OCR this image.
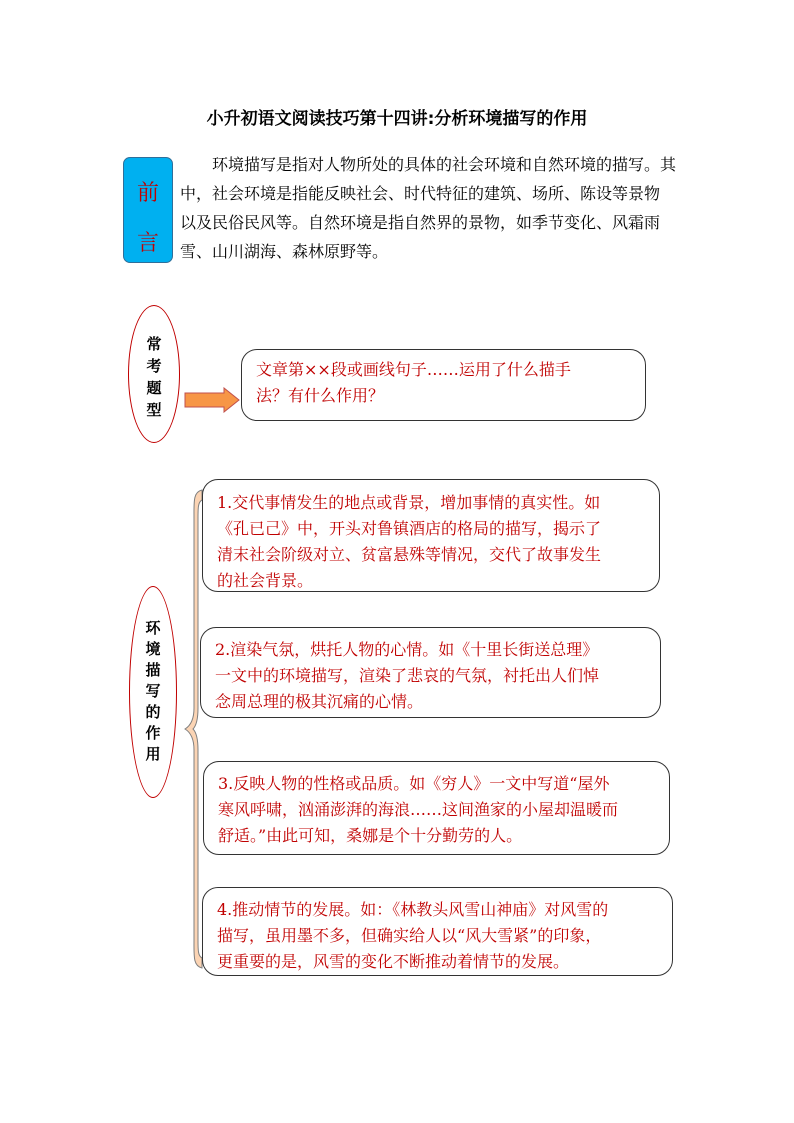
小升初语文阅读技巧第十四讲:分析环境描写的作用
前
言
　　环境描写是指对人物所处的具体的社会环境和自然环境的描写。其
中，社会环境是指能反映社会、时代特征的建筑、场所、陈设等景物
以及民俗民风等。自然环境是指自然界的景物，如季节变化、风霜雨
雪、山川湖海、森林原野等。
常
考
题
型
文章第××段或画线句子……运用了什么描手
法？有什么作用？
环
境
描
写
的
作
用
1.交代事情发生的地点或背景，增加事情的真实性。如
《孔已己》中，开头对鲁镇酒店的格局的描写，揭示了
清末社会阶级对立、贫富悬殊等情况，交代了故事发生
的社会背景。
2.渲染气氛，烘托人物的心情。如《十里长街送总理》
一文中的环境描写，渲染了悲哀的气氛，衬托出人们悼
念周总理的极其沉痛的心情。
3.反映人物的性格或品质。如《穷人》一文中写道“屋外
寒风呼啸，汹涌澎湃的海浪……这间渔家的小屋却温暖而
舒适。”由此可知，桑娜是个十分勤劳的人。
4.推动情节的发展。如：《林教头风雪山神庙》对风雪的
描写，虽用墨不多，但确实给人以“风大雪紧”的印象，
更重要的是，风雪的变化不断推动着情节的发展。
